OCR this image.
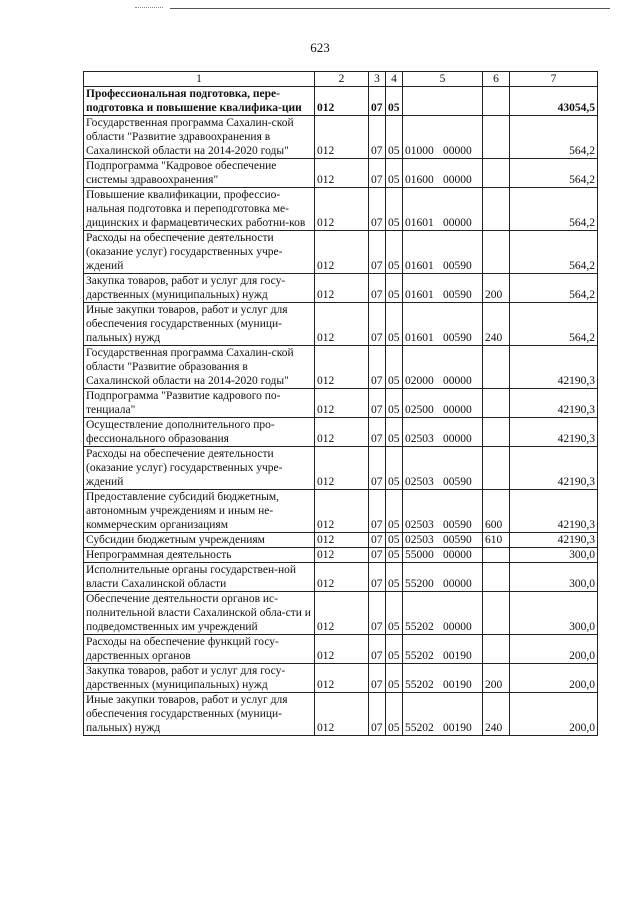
623
1	2	3	4	5	6	7
Профессиональная подготовка, пере-подготовка и повышение квалифика-ции	012	07	05			43054,5
Государственная программа Сахалин-ской области "Развитие здравоохранения в Сахалинской области на 2014-2020 годы"	012	07	05	01000 00000		564,2
Подпрограмма "Кадровое обеспечение системы здравоохранения"	012	07	05	01600 00000		564,2
Повышение квалификации, профессио-нальная подготовка и переподготовка ме-дицинских и фармацевтических работни-ков	012	07	05	01601 00000		564,2
Расходы на обеспечение деятельности (оказание услуг) государственных учре-ждений	012	07	05	01601 00590		564,2
Закупка товаров, работ и услуг для госу-дарственных (муниципальных) нужд	012	07	05	01601 00590	200	564,2
Иные закупки товаров, работ и услуг для обеспечения государственных (муници-пальных) нужд	012	07	05	01601 00590	240	564,2
Государственная программа Сахалин-ской области "Развитие образования в Сахалинской области на 2014-2020 годы"	012	07	05	02000 00000		42190,3
Подпрограмма "Развитие кадрового по-тенциала"	012	07	05	02500 00000		42190,3
Осуществление дополнительного про-фессионального образования	012	07	05	02503 00000		42190,3
Расходы на обеспечение деятельности (оказание услуг) государственных учре-ждений	012	07	05	02503 00590		42190,3
Предоставление субсидий бюджетным, автономным учреждениям и иным не-коммерческим организациям	012	07	05	02503 00590	600	42190,3
Субсидии бюджетным учреждениям	012	07	05	02503 00590	610	42190,3
Непрограммная деятельность	012	07	05	55000 00000		300,0
Исполнительные органы государствен-ной власти Сахалинской области	012	07	05	55200 00000		300,0
Обеспечение деятельности органов ис-полнительной власти Сахалинской обла-сти и подведомственных им учреждений	012	07	05	55202 00000		300,0
Расходы на обеспечение функций госу-дарственных органов	012	07	05	55202 00190		200,0
Закупка товаров, работ и услуг для госу-дарственных (муниципальных) нужд	012	07	05	55202 00190	200	200,0
Иные закупки товаров, работ и услуг для обеспечения государственных (муници-пальных) нужд	012	07	05	55202 00190	240	200,0
